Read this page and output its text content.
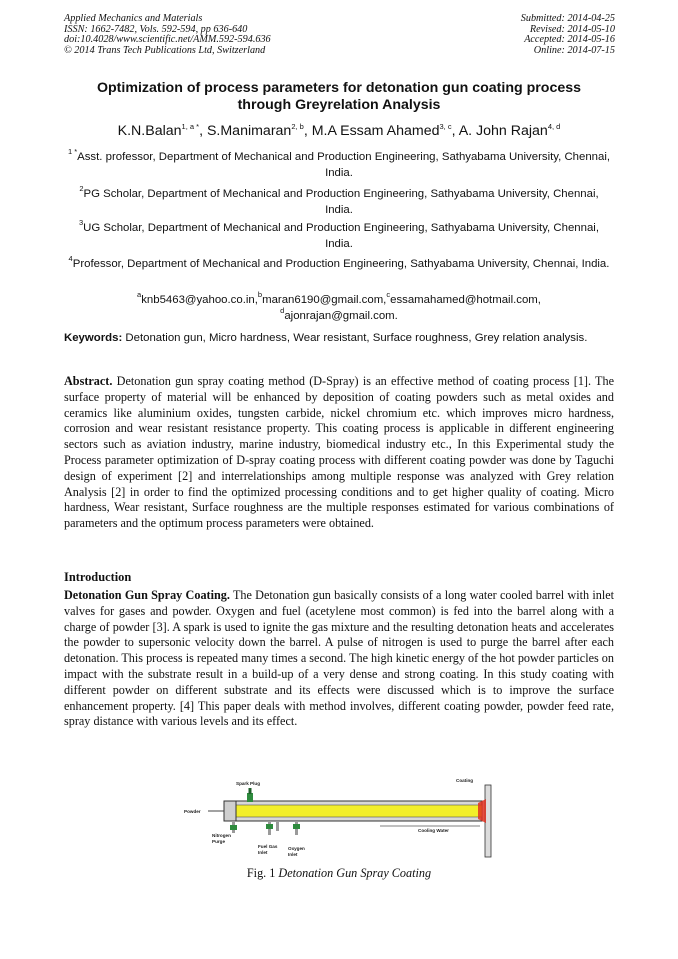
Applied Mechanics and Materials
ISSN: 1662-7482, Vols. 592-594, pp 636-640
doi:10.4028/www.scientific.net/AMM.592-594.636
© 2014 Trans Tech Publications Ltd, Switzerland
Submitted: 2014-04-25
Revised: 2014-05-10
Accepted: 2014-05-16
Online: 2014-07-15
Optimization of process parameters for detonation gun coating process
through Greyrelation Analysis
K.N.Balan$^{1, a *}$, S.Manimaran$^{2, b}$, M.A Essam Ahamed$^{3, c}$, A. John Rajan$^{4, d}$
$^{1 *}$Asst. professor, Department of Mechanical and Production Engineering, Sathyabama University, Chennai, India.
$^2$PG Scholar, Department of Mechanical and Production Engineering, Sathyabama University, Chennai, India.
$^3$UG Scholar, Department of Mechanical and Production Engineering, Sathyabama University, Chennai, India.
$^4$Professor, Department of Mechanical and Production Engineering, Sathyabama University, Chennai, India.
$^a$knb5463@yahoo.co.in,$^b$maran6190@gmail.com,$^c$essamahamed@hotmail.com,
$^d$ajonrajan@gmail.com.
Keywords: Detonation gun, Micro hardness, Wear resistant, Surface roughness, Grey relation analysis.
Abstract. Detonation gun spray coating method (D-Spray) is an effective method of coating process [1]. The surface property of material will be enhanced by deposition of coating powders such as metal oxides and ceramics like aluminium oxides, tungsten carbide, nickel chromium etc. which improves micro hardness, corrosion and wear resistant resistance property. This coating process is applicable in different engineering sectors such as aviation industry, marine industry, biomedical industry etc., In this Experimental study the Process parameter optimization of D-spray coating process with different coating powder was done by Taguchi design of experiment [2] and interrelationships among multiple response was analyzed with Grey relation Analysis [2] in order to find the optimized processing conditions and to get higher quality of coating. Micro hardness, Wear resistant, Surface roughness are the multiple responses estimated for various combinations of parameters and the optimum process parameters were obtained.
Introduction
Detonation Gun Spray Coating. The Detonation gun basically consists of a long water cooled barrel with inlet valves for gases and powder. Oxygen and fuel (acetylene most common) is fed into the barrel along with a charge of powder [3]. A spark is used to ignite the gas mixture and the resulting detonation heats and accelerates the powder to supersonic velocity down the barrel. A pulse of nitrogen is used to purge the barrel after each detonation. This process is repeated many times a second. The high kinetic energy of the hot powder particles on impact with the substrate result in a build-up of a very dense and strong coating. In this study coating with different powder on different substrate and its effects were discussed which is to improve the surface enhancement property. [4] This paper deals with method involves, different coating powder, powder feed rate, spray distance with various levels and its effect.
Spark Plug
Coating
Powder
Cooling Water
Nitrogen
Purge
Fuel Gas
Inlet
Oxygen
Inlet
Fig. 1 Detonation Gun Spray Coating
